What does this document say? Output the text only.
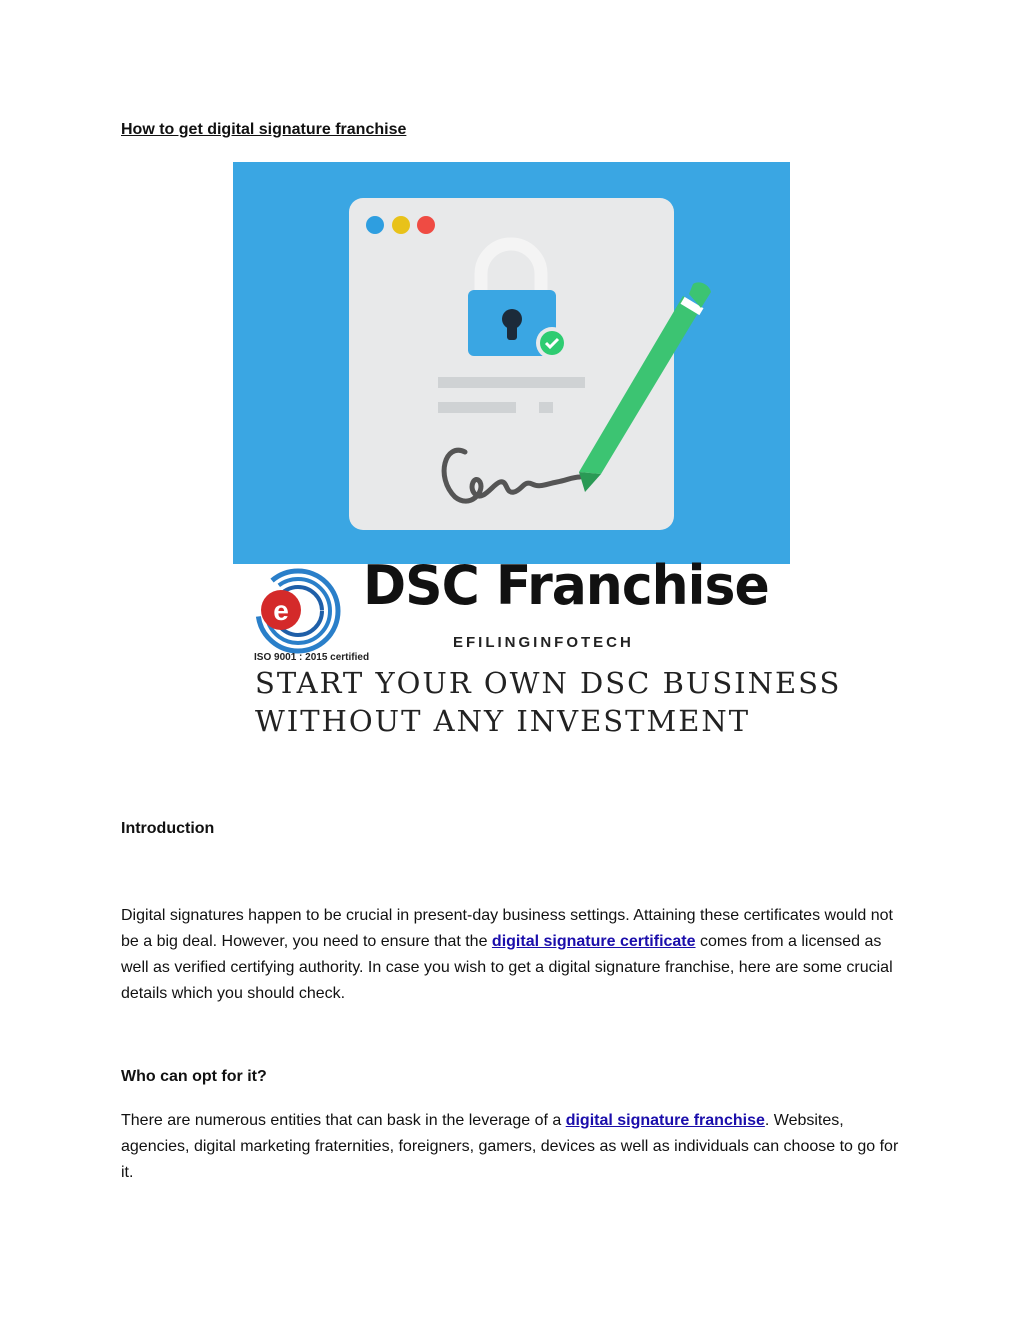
How to get digital signature franchise
e
ISO 9001 : 2015 certified
DSC Franchise
EFILINGINFOTECH
START YOUR OWN DSC BUSINESS
WITHOUT ANY INVESTMENT
Introduction

Digital signatures happen to be crucial in present-day business settings. Attaining these certificates would not be a big deal. However, you need to ensure that the digital signature certificate comes from a licensed as well as verified certifying authority. In case you wish to get a digital signature franchise, here are some crucial details which you should check.

Who can opt for it?

There are numerous entities that can bask in the leverage of a digital signature franchise. Websites, agencies, digital marketing fraternities, foreigners, gamers, devices as well as individuals can choose to go for it.
